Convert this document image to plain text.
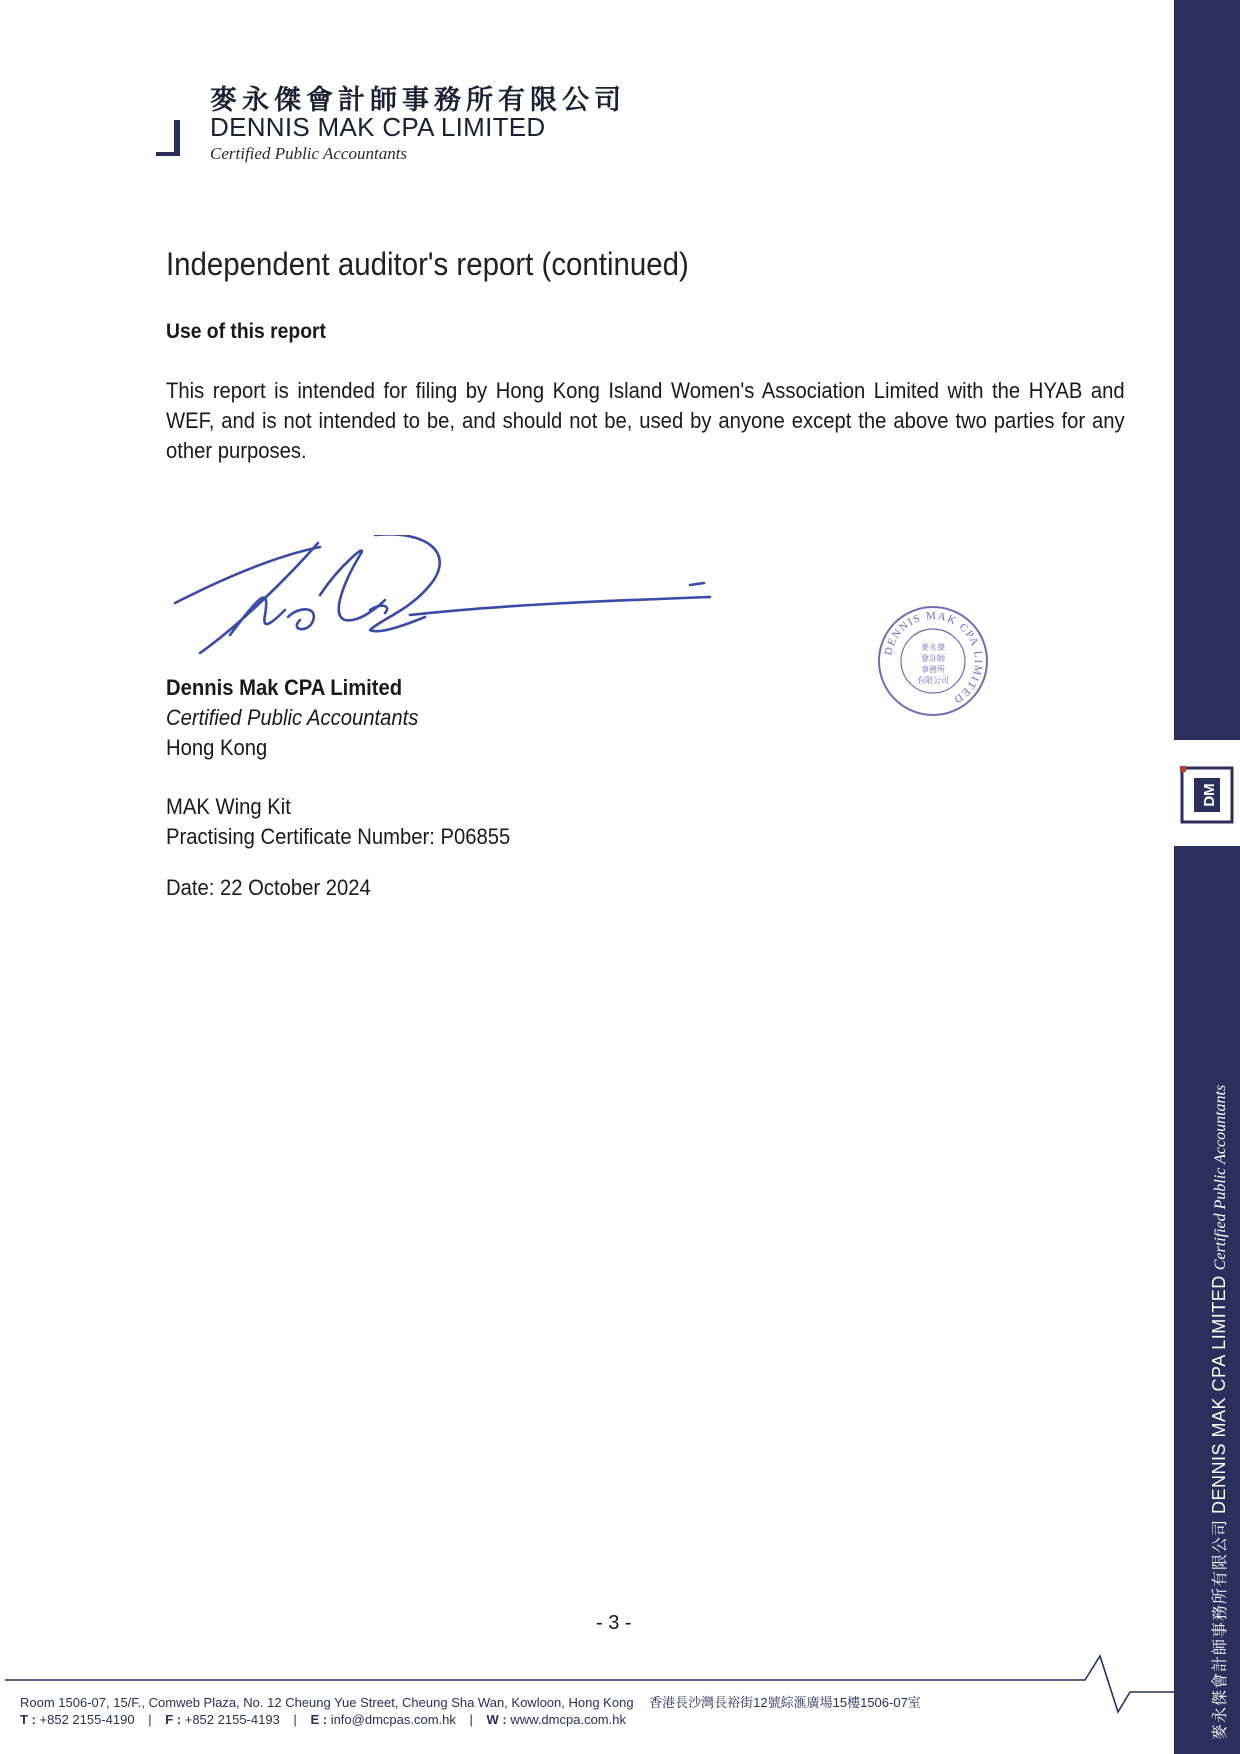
麥永傑會計師事務所有限公司
DENNIS MAK CPA LIMITED
Certified Public Accountants
Independent auditor's report (continued)
Use of this report
This report is intended for filing by Hong Kong Island Women's Association Limited with the HYAB and WEF, and is not intended to be, and should not be, used by anyone except the above two parties for any other purposes.
Dennis Mak CPA Limited
Certified Public Accountants
Hong Kong
MAK Wing Kit
Practising Certificate Number: P06855
Date: 22 October 2024
DENNIS MAK CPA LIMITED
麥永傑
會計師
事務所
有限公司
- 3 -
DM
麥永傑會計師事務所有限公司 DENNIS MAK CPA LIMITED Certified Public Accountants
Room 1506-07, 15/F., Comweb Plaza, No. 12 Cheung Yue Street, Cheung Sha Wan, Kowloon, Hong Kong 香港長沙灣長裕街12號綜滙廣場15樓1506-07室
T : +852 2155-4190 | F : +852 2155-4193 | E : info@dmcpas.com.hk | W : www.dmcpa.com.hk
